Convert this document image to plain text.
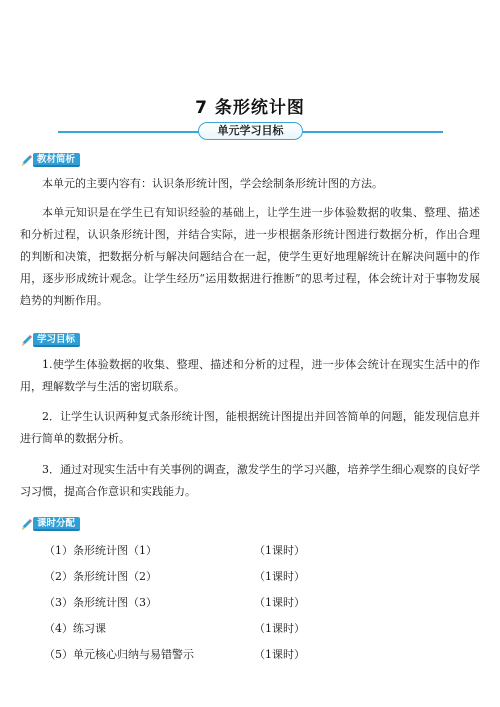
7 条形统计图
单元学习目标
教材简析

本单元的主要内容有：认识条形统计图，学会绘制条形统计图的方法。

本单元知识是在学生已有知识经验的基础上，让学生进一步体验数据的收集、整理、描述和分析过程，认识条形统计图，并结合实际，进一步根据条形统计图进行数据分析，作出合理的判断和决策，把数据分析与解决问题结合在一起，使学生更好地理解统计在解决问题中的作用，逐步形成统计观念。让学生经历“运用数据进行推断”的思考过程，体会统计对于事物发展趋势的判断作用。

学习目标

1.使学生体验数据的收集、整理、描述和分析的过程，进一步体会统计在现实生活中的作用，理解数学与生活的密切联系。

2．让学生认识两种复式条形统计图，能根据统计图提出并回答简单的问题，能发现信息并进行简单的数据分析。

3．通过对现实生活中有关事例的调查，激发学生的学习兴趣，培养学生细心观察的良好学习习惯，提高合作意识和实践能力。

课时分配
（1）条形统计图（1）	（1课时）
（2）条形统计图（2）	（1课时）
（3）条形统计图（3）	（1课时）
（4）练习课	（1课时）
（5）单元核心归纳与易错警示	（1课时）
